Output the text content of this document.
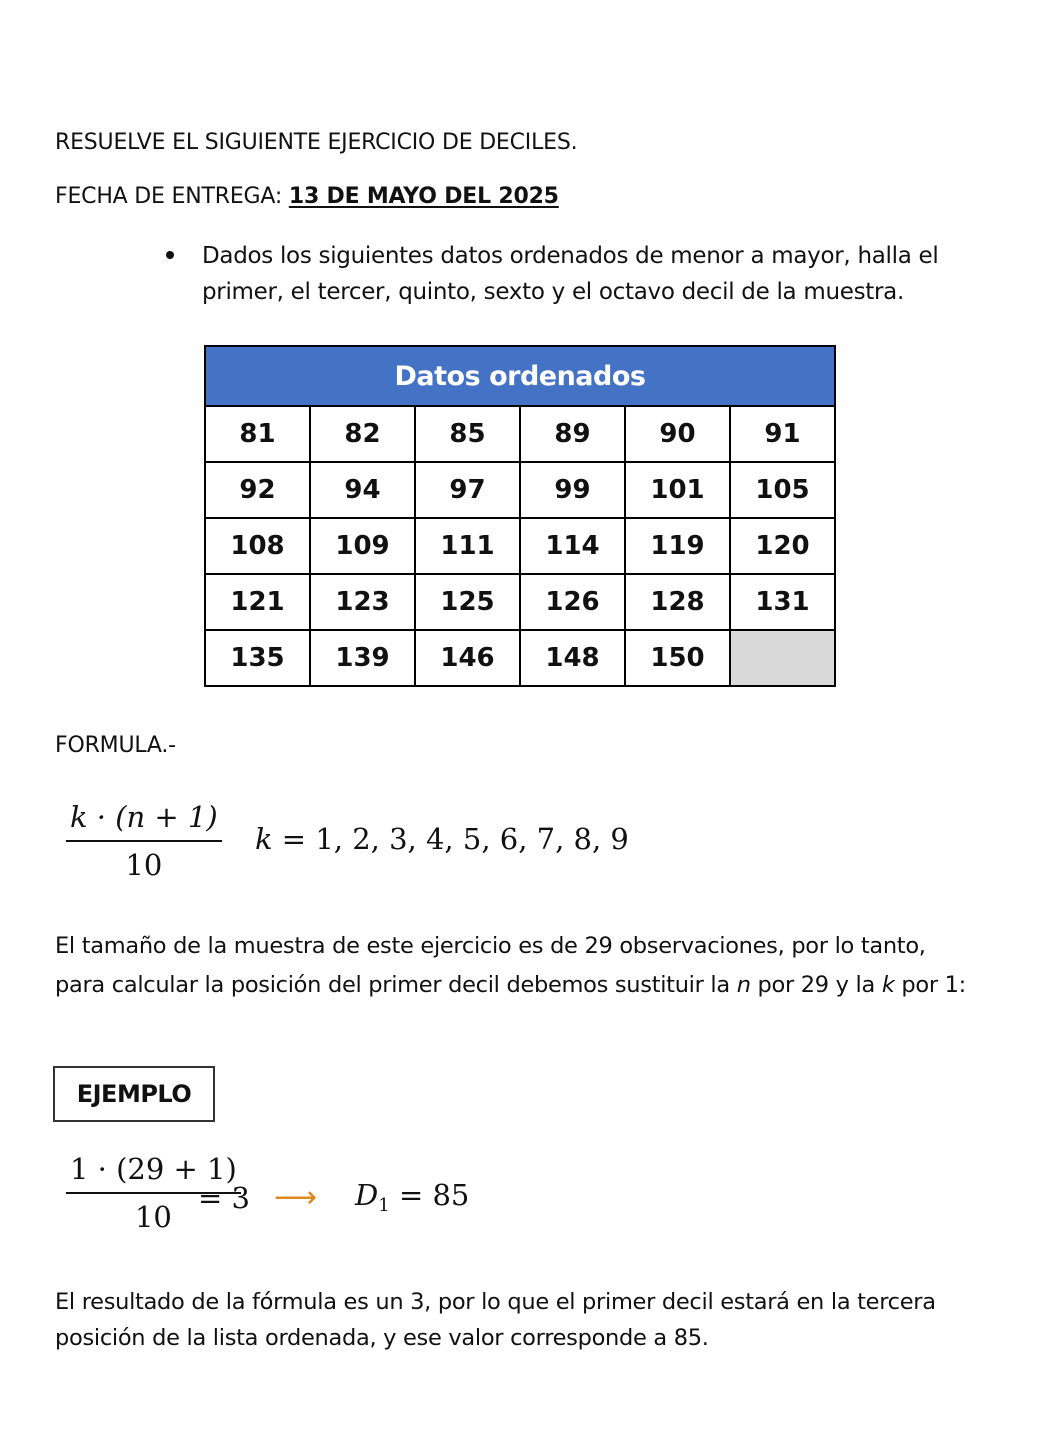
RESUELVE EL SIGUIENTE EJERCICIO DE DECILES.
FECHA DE ENTREGA: 13 DE MAYO DEL 2025
Dados los siguientes datos ordenados de menor a mayor, halla el primer, el tercer, quinto, sexto y el octavo decil de la muestra.
Datos ordenados					
81	82	85	89	90	91
92	94	97	99	101	105
108	109	111	114	119	120
121	123	125	126	128	131
135	139	146	148	150	
FORMULA.-
$\frac{k \cdot (n + 1)}{10}$ k = 1, 2, 3, 4, 5, 6, 7, 8, 9
El tamaño de la muestra de este ejercicio es de 29 observaciones, por lo tanto, para calcular la posición del primer decil debemos sustituir la n por 29 y la k por 1:
EJEMPLO
$\frac{1 \cdot (29 + 1)}{10}$
= 3 ⟶ $D_1 = 85$
El resultado de la fórmula es un 3, por lo que el primer decil estará en la tercera posición de la lista ordenada, y ese valor corresponde a 85.
